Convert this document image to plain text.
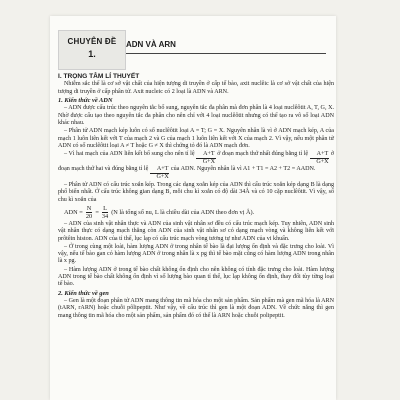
CHUYÊN ĐỀ
1.
ADN VÀ ARN
I. TRỌNG TÂM LÍ THUYẾT

Nhiễm sắc thể là cơ sở vật chất của hiện tượng di truyền ở cấp tế bào, axit nuclêic là cơ sở vật chất của hiện tượng di truyền ở cấp phân tử. Axit nucleic có 2 loại là ADN và ARN.

1. Kiến thức về ADN

– ADN được cấu trúc theo nguyên tắc bổ sung, nguyên tắc đa phân mà đơn phân là 4 loại nuclêôtit A, T, G, X. Nhờ được cấu tạo theo nguyên tắc đa phân cho nên chỉ với 4 loại nuclêôtit nhưng có thể tạo ra vô số loại ADN khác nhau.

– Phân tử ADN mạch kép luôn có số nuclêôtit loại A = T; G = X. Nguyên nhân là vì ở ADN mạch kép, A của mạch 1 luôn liên kết với T của mạch 2 và G của mạch 1 luôn liên kết với X của mạch 2. Vì vậy, nếu một phân tử ADN có số nuclêôtit loại A ≠ T hoặc G ≠ X thì chứng tỏ đó là ADN mạch đơn.

– Vì hai mạch của ADN liên kết bổ sung cho nên tỉ lệ $\frac{A+T}{G+X}$ ở đoạn mạch thứ nhất đúng bằng tỉ lệ $\frac{A+T}{G+X}$ ở đoạn mạch thứ hai và đúng bằng tỉ lệ $\frac{A+T}{G+X}$ của ADN. Nguyên nhân là vì A1 + T1 = A2 + T2 = AADN.

– Phân tử ADN có cấu trúc xoắn kép. Trong các dạng xoắn kép của ADN thì cấu trúc xoắn kép dạng B là dạng phổ biến nhất. Ở cấu trúc không gian dạng B, mỗi chu kì xoắn có độ dài 34Å và có 10 cặp nuclêôtit. Vì vậy, số chu kì xoắn của

ADN = $\frac{N}{20} = \frac{L}{34} (N$ là tổng số nu, L là chiều dài của ADN theo đơn vị Å).

– ADN của sinh vật nhân thực và ADN của sinh vật nhân sơ đều có cấu trúc mạch kép. Tuy nhiên, ADN sinh vật nhân thực có dạng mạch thẳng còn ADN của sinh vật nhân sơ có dạng mạch vòng và không liên kết với prôtêin histon. ADN của tỉ thể, lục lạp có cấu trúc mạch vòng tương tự như ADN của vi khuẩn.

– Ở trong cùng một loài, hàm lượng ADN ở trong nhân tế bào là đại lượng ổn định và đặc trưng cho loài. Vì vậy, nếu tế bào gan có hàm lượng ADN ở trong nhân là x pg thì tế bào mặt cũng có hàm lượng ADN trong nhân là x pg.

– Hàm lượng ADN ở trong tế bào chất không ổn định cho nên không có tính đặc trưng cho loài. Hàm lượng ADN trong tế bào chất không ổn định vì số lượng bào quan tỉ thể, lục lạp không ổn định, thay đổi tùy từng loại tế bào.

2. Kiến thức về gen

– Gen là một đoạn phân tử ADN mang thông tin mã hóa cho một sản phẩm. Sản phẩm mà gen mã hóa là ARN (tARN, rARN) hoặc chuỗi pôlipeptit. Như vậy, về cấu trúc thì gen là một đoạn ADN. Về chức năng thì gen mang thông tin mã hóa cho một sản phẩm, sản phẩm đó có thể là ARN hoặc chuỗi polipeptit.
